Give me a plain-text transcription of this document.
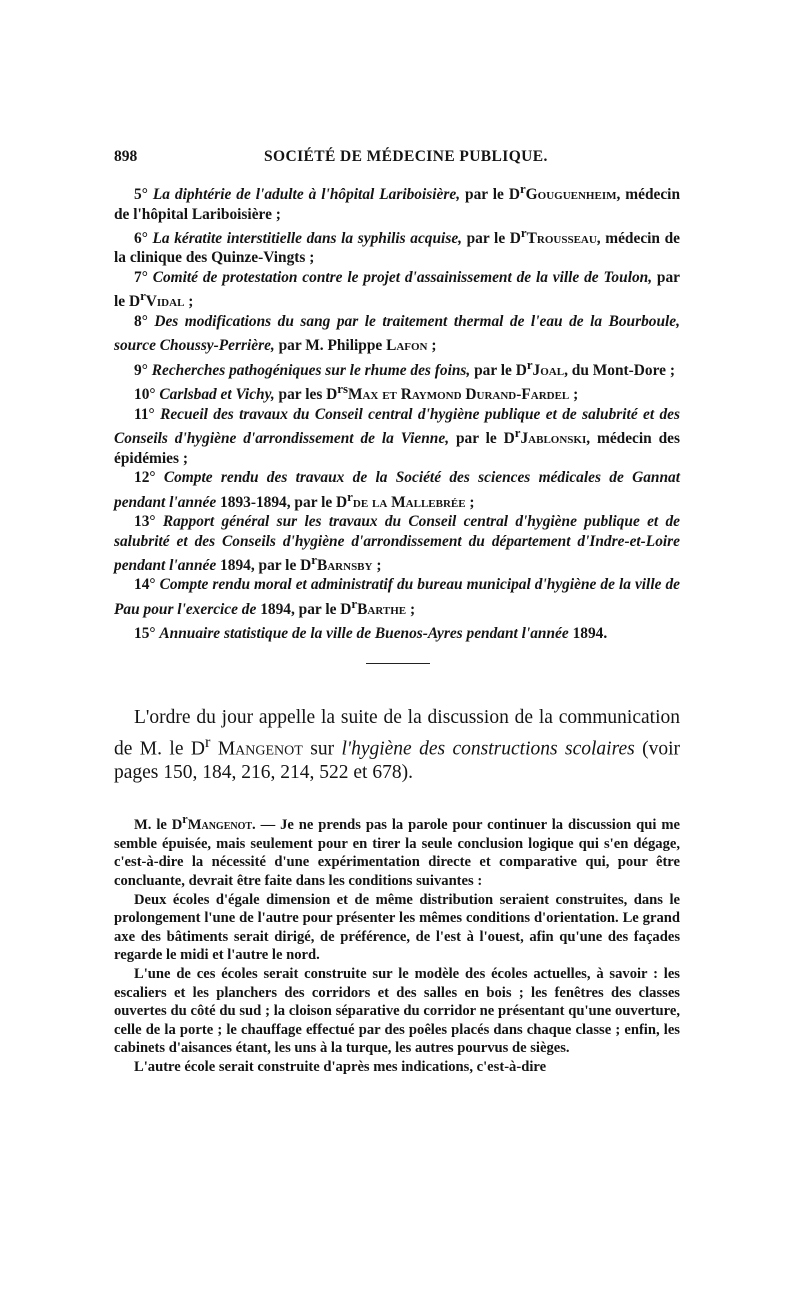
898	SOCIÉTÉ DE MÉDECINE PUBLIQUE.

5° La diphtérie de l'adulte à l'hôpital Lariboisière, par le $D^rGouguenheim$, médecin de l'hôpital Lariboisière ;

6° La kératite interstitielle dans la syphilis acquise, par le $D^rTrousseau$, médecin de la clinique des Quinze-Vingts ;

7° Comité de protestation contre le projet d'assainissement de la ville de Toulon, par le $D^rVidal$ ;

8° Des modifications du sang par le traitement thermal de l'eau de la Bourboule, source Choussy-Perrière, par M. Philippe Lafon ;

9° Recherches pathogéniques sur le rhume des foins, par le $D^rJoal$, du Mont-Dore ;

10° Carlsbad et Vichy, par les $D^{rs}Max$ et Raymond Durand-Fardel ;

11° Recueil des travaux du Conseil central d'hygiène publique et de salubrité et des Conseils d'hygiène d'arrondissement de la Vienne, par le $D^rJablonski$, médecin des épidémies ;

12° Compte rendu des travaux de la Société des sciences médicales de Gannat pendant l'année 1893-1894, par le $D^rde$ la Mallebrée ;

13° Rapport général sur les travaux du Conseil central d'hygiène publique et de salubrité et des Conseils d'hygiène d'arrondissement du département d'Indre-et-Loire pendant l'année 1894, par le $D^rBarnsby$ ;

14° Compte rendu moral et administratif du bureau municipal d'hygiène de la ville de Pau pour l'exercice de 1894, par le $D^rBarthe$ ;

15° Annuaire statistique de la ville de Buenos-Ayres pendant l'année 1894.

L'ordre du jour appelle la suite de la discussion de la communication de M. le $D^r$ Mangenot sur l'hygiène des constructions scolaires (voir pages 150, 184, 216, 214, 522 et 678).

M. le $D^rMangenot$. — Je ne prends pas la parole pour continuer la discussion qui me semble épuisée, mais seulement pour en tirer la seule conclusion logique qui s'en dégage, c'est-à-dire la nécessité d'une expérimentation directe et comparative qui, pour être concluante, devrait être faite dans les conditions suivantes :

Deux écoles d'égale dimension et de même distribution seraient construites, dans le prolongement l'une de l'autre pour présenter les mêmes conditions d'orientation. Le grand axe des bâtiments serait dirigé, de préférence, de l'est à l'ouest, afin qu'une des façades regarde le midi et l'autre le nord.

L'une de ces écoles serait construite sur le modèle des écoles actuelles, à savoir : les escaliers et les planchers des corridors et des salles en bois ; les fenêtres des classes ouvertes du côté du sud ; la cloison séparative du corridor ne présentant qu'une ouverture, celle de la porte ; le chauffage effectué par des poêles placés dans chaque classe ; enfin, les cabinets d'aisances étant, les uns à la turque, les autres pourvus de sièges.

L'autre école serait construite d'après mes indications, c'est-à-dire
